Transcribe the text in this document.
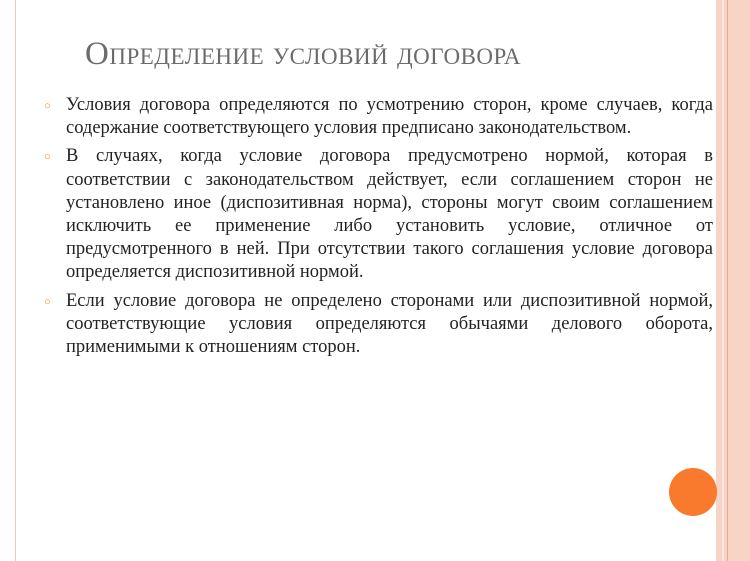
Определение условий договора
○ Условия договора определяются по усмотрению сторон, кроме случаев, когда содержание соответствующего условия предписано законодательством.
○ В случаях, когда условие договора предусмотрено нормой, которая в соответствии с законодательством действует, если соглашением сторон не установлено иное (диспозитивная норма), стороны могут своим соглашением исключить ее применение либо установить условие, отличное от предусмотренного в ней. При отсутствии такого соглашения условие договора определяется диспозитивной нормой.
○ Если условие договора не определено сторонами или диспозитивной нормой, соответствующие условия определяются обычаями делового оборота, применимыми к отношениям сторон.
